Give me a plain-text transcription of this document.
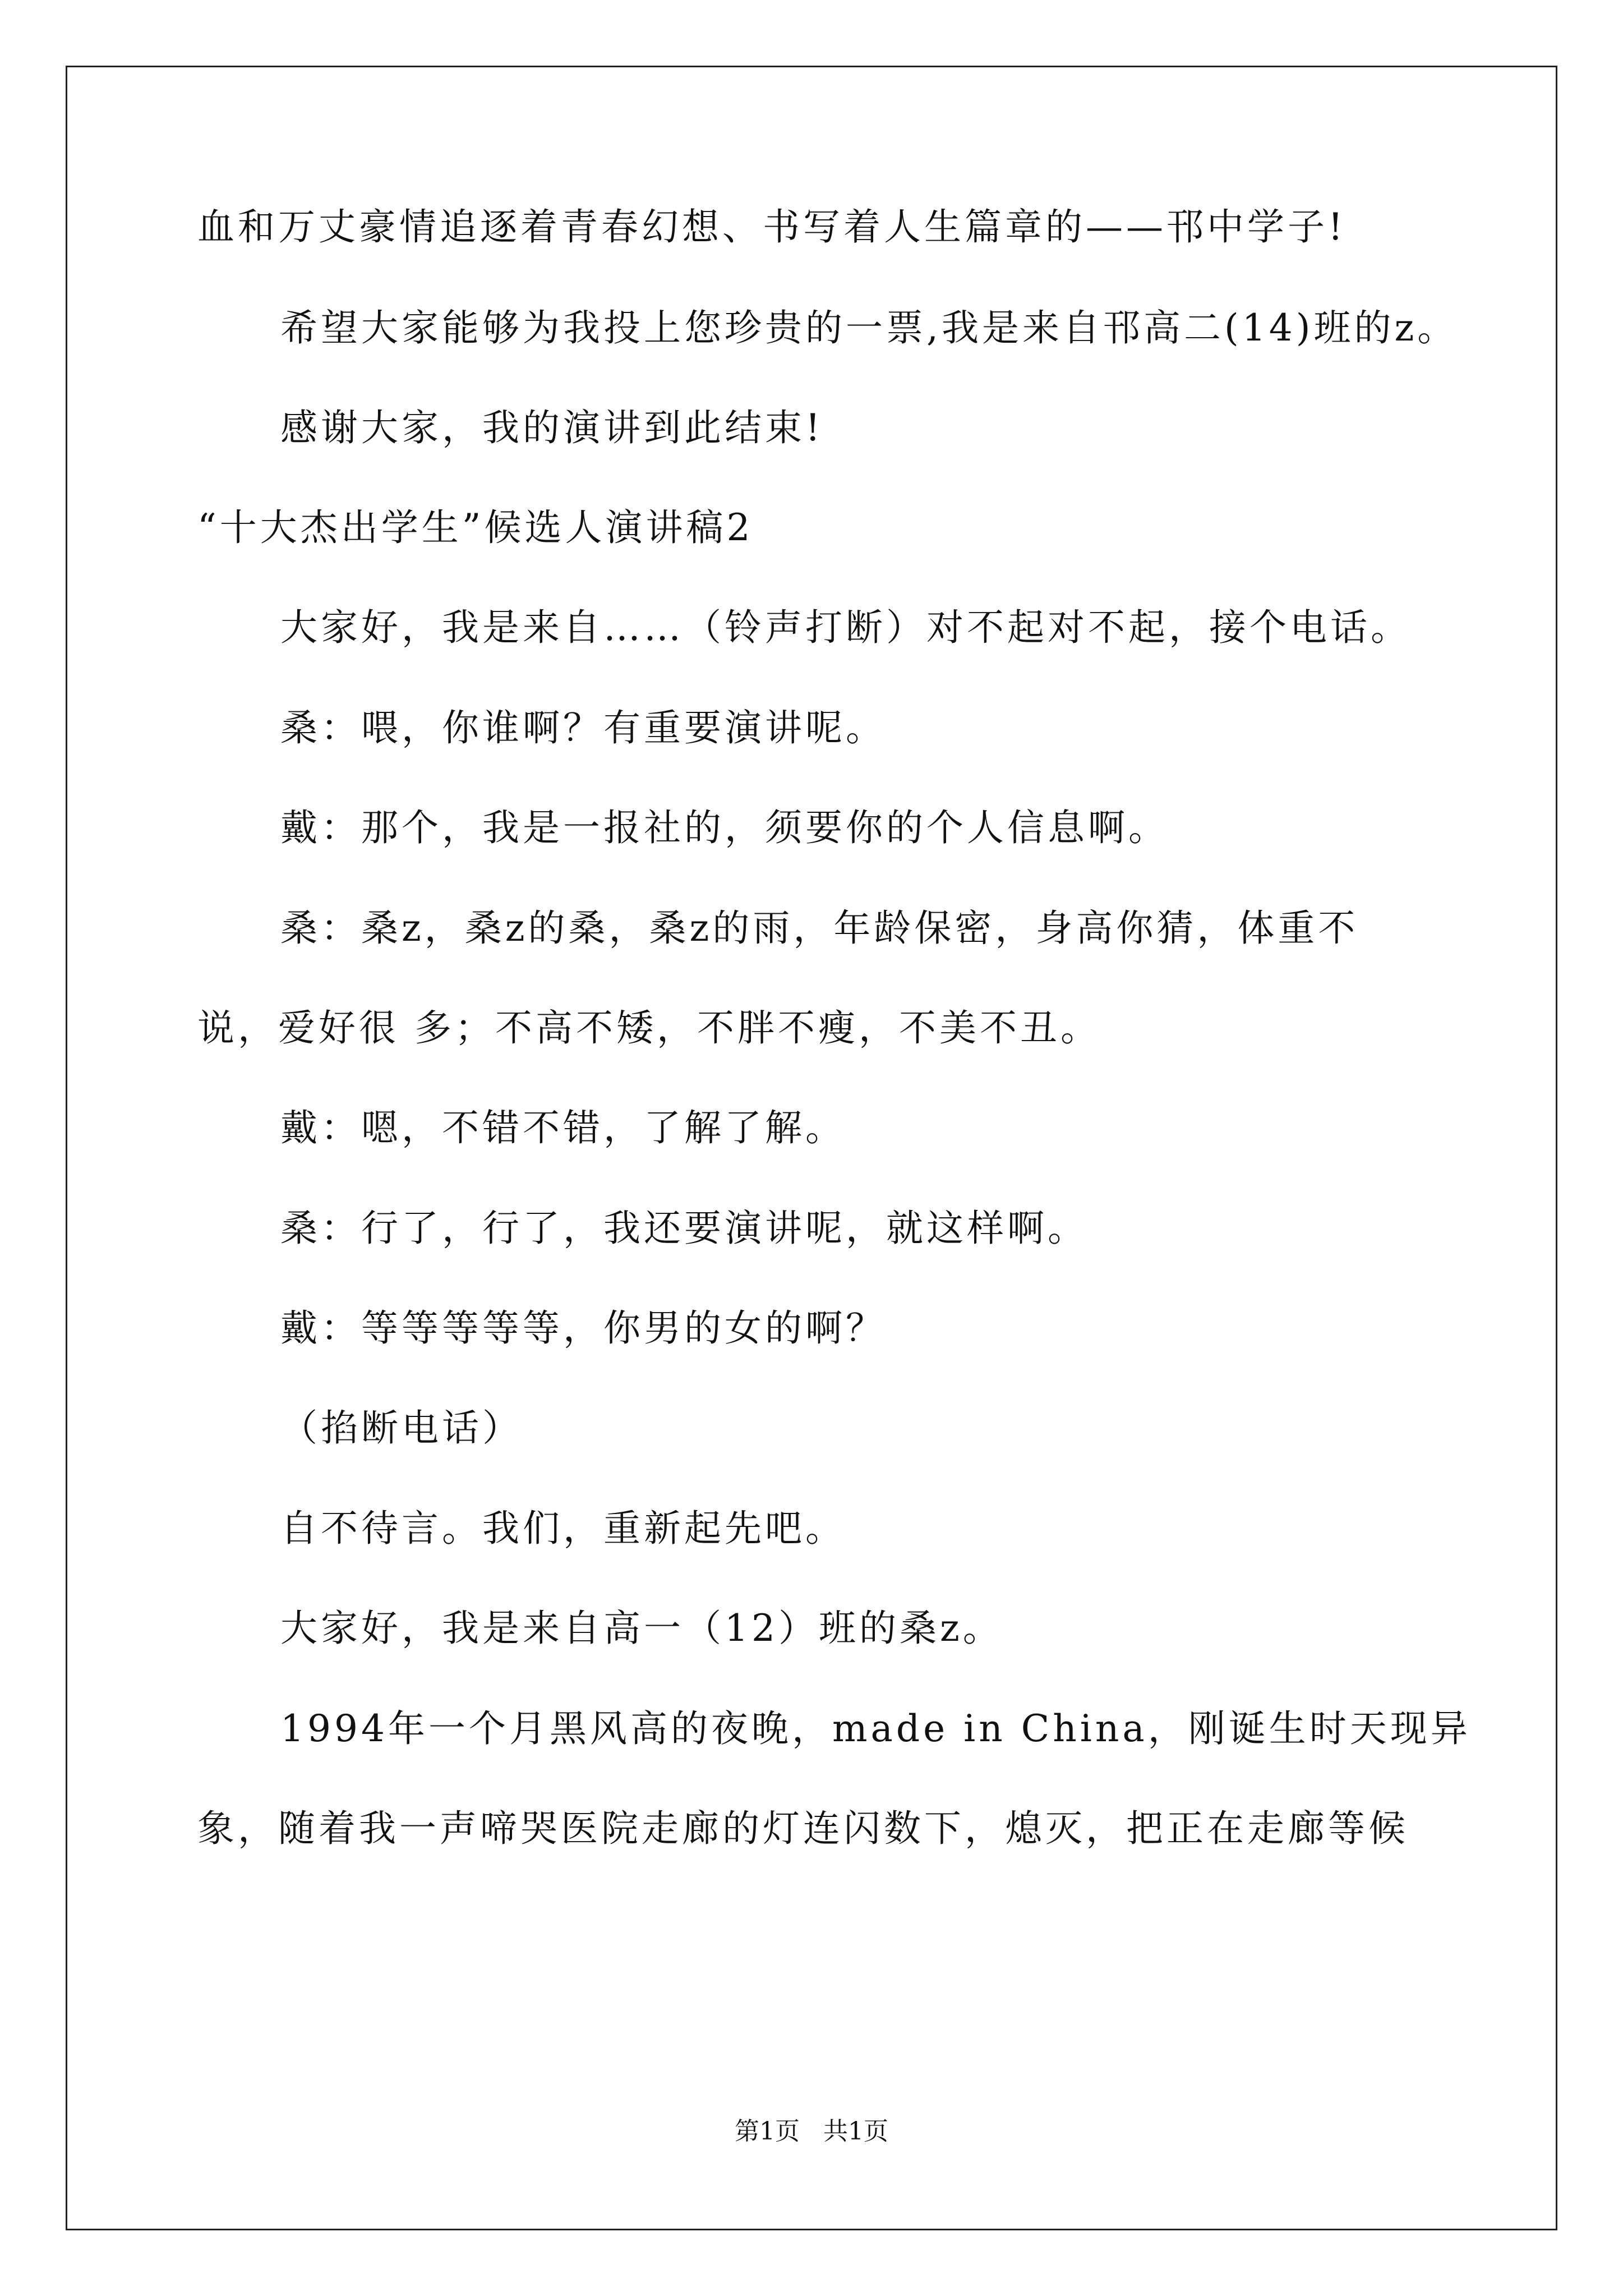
血和万丈豪情追逐着青春幻想、书写着人生篇章的——邗中学子!
希望大家能够为我投上您珍贵的一票,我是来自邗高二(14)班的z。
感谢大家，我的演讲到此结束!
“十大杰出学生”候选人演讲稿2
大家好，我是来自……（铃声打断）对不起对不起，接个电话。
桑：喂，你谁啊？有重要演讲呢。
戴：那个，我是一报社的，须要你的个人信息啊。
桑：桑z，桑z的桑，桑z的雨，年龄保密，身高你猜，体重不
说，爱好很 多；不高不矮，不胖不瘦，不美不丑。
戴：嗯，不错不错，了解了解。
桑：行了，行了，我还要演讲呢，就这样啊。
戴：等等等等等，你男的女的啊？
（掐断电话）
自不待言。我们，重新起先吧。
大家好，我是来自高一（12）班的桑z。
1994年一个月黑风高的夜晚，made in China，刚诞生时天现异
象，随着我一声啼哭医院走廊的灯连闪数下，熄灭，把正在走廊等候
第1页   共1页
